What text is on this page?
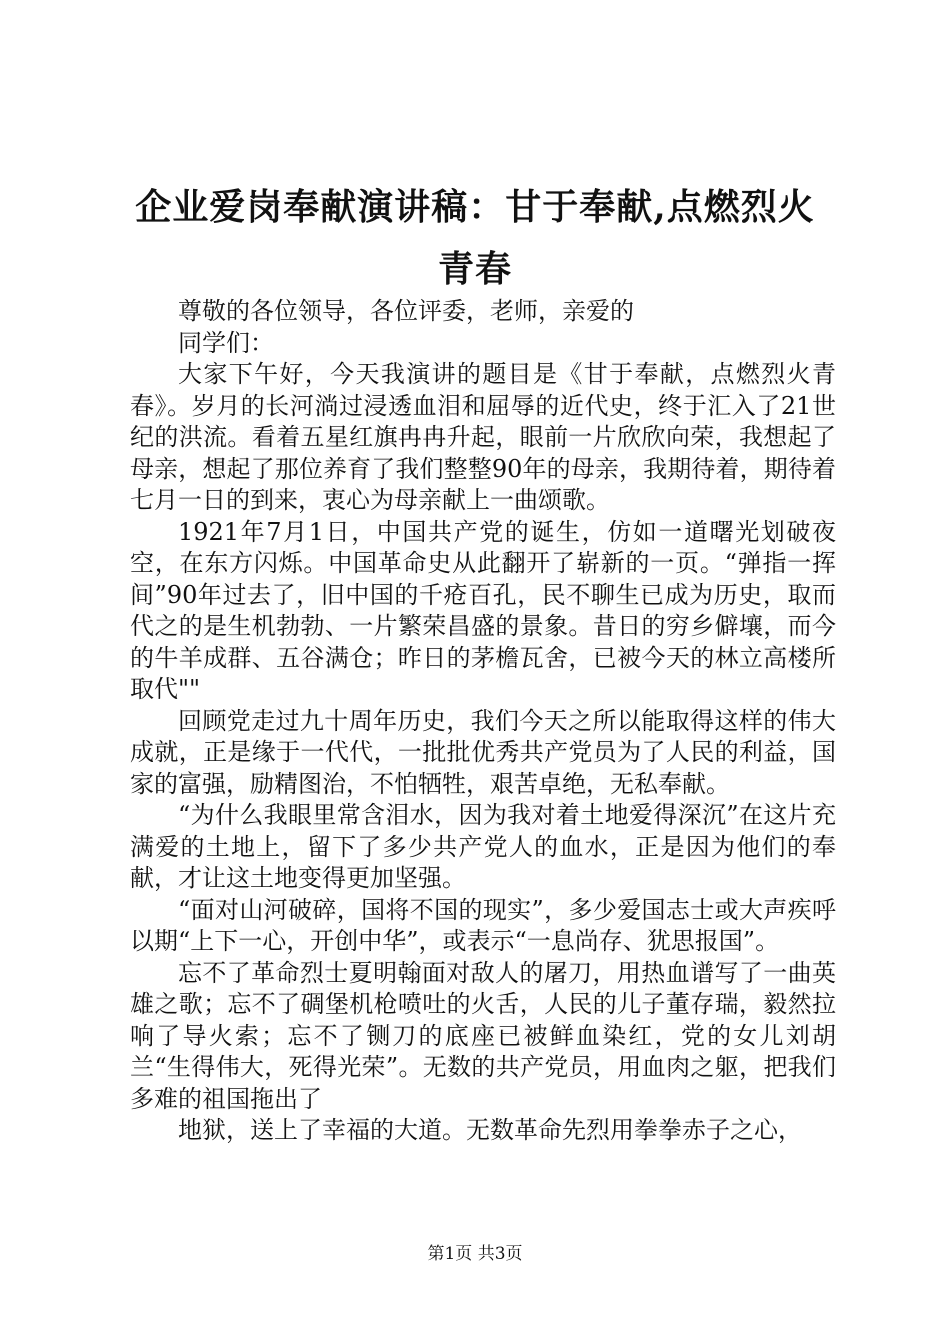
企业爱岗奉献演讲稿：甘于奉献,点燃烈火青春

尊敬的各位领导，各位评委，老师，亲爱的

同学们：

大家下午好，今天我演讲的题目是《甘于奉献，点燃烈火青春》。岁月的长河淌过浸透血泪和屈辱的近代史，终于汇入了21世纪的洪流。看着五星红旗冉冉升起，眼前一片欣欣向荣，我想起了母亲，想起了那位养育了我们整整90年的母亲，我期待着，期待着七月一日的到来，衷心为母亲献上一曲颂歌。

1921年7月1日，中国共产党的诞生，仿如一道曙光划破夜空，在东方闪烁。中国革命史从此翻开了崭新的一页。“弹指一挥间”90年过去了，旧中国的千疮百孔，民不聊生已成为历史，取而代之的是生机勃勃、一片繁荣昌盛的景象。昔日的穷乡僻壤，而今的牛羊成群、五谷满仓；昨日的茅檐瓦舍，已被今天的林立高楼所取代""

回顾党走过九十周年历史，我们今天之所以能取得这样的伟大成就，正是缘于一代代，一批批优秀共产党员为了人民的利益，国家的富强，励精图治，不怕牺牲，艰苦卓绝，无私奉献。

“为什么我眼里常含泪水，因为我对着土地爱得深沉”在这片充满爱的土地上，留下了多少共产党人的血水，正是因为他们的奉献，才让这土地变得更加坚强。

“面对山河破碎，国将不国的现实”，多少爱国志士或大声疾呼以期“上下一心，开创中华”，或表示“一息尚存、犹思报国”。

忘不了革命烈士夏明翰面对敌人的屠刀，用热血谱写了一曲英雄之歌；忘不了碉堡机枪喷吐的火舌，人民的儿子董存瑞，毅然拉响了导火索；忘不了铡刀的底座已被鲜血染红，党的女儿刘胡兰“生得伟大，死得光荣”。无数的共产党员，用血肉之躯，把我们多难的祖国拖出了

地狱，送上了幸福的大道。无数革命先烈用拳拳赤子之心，

第1页 共3页
